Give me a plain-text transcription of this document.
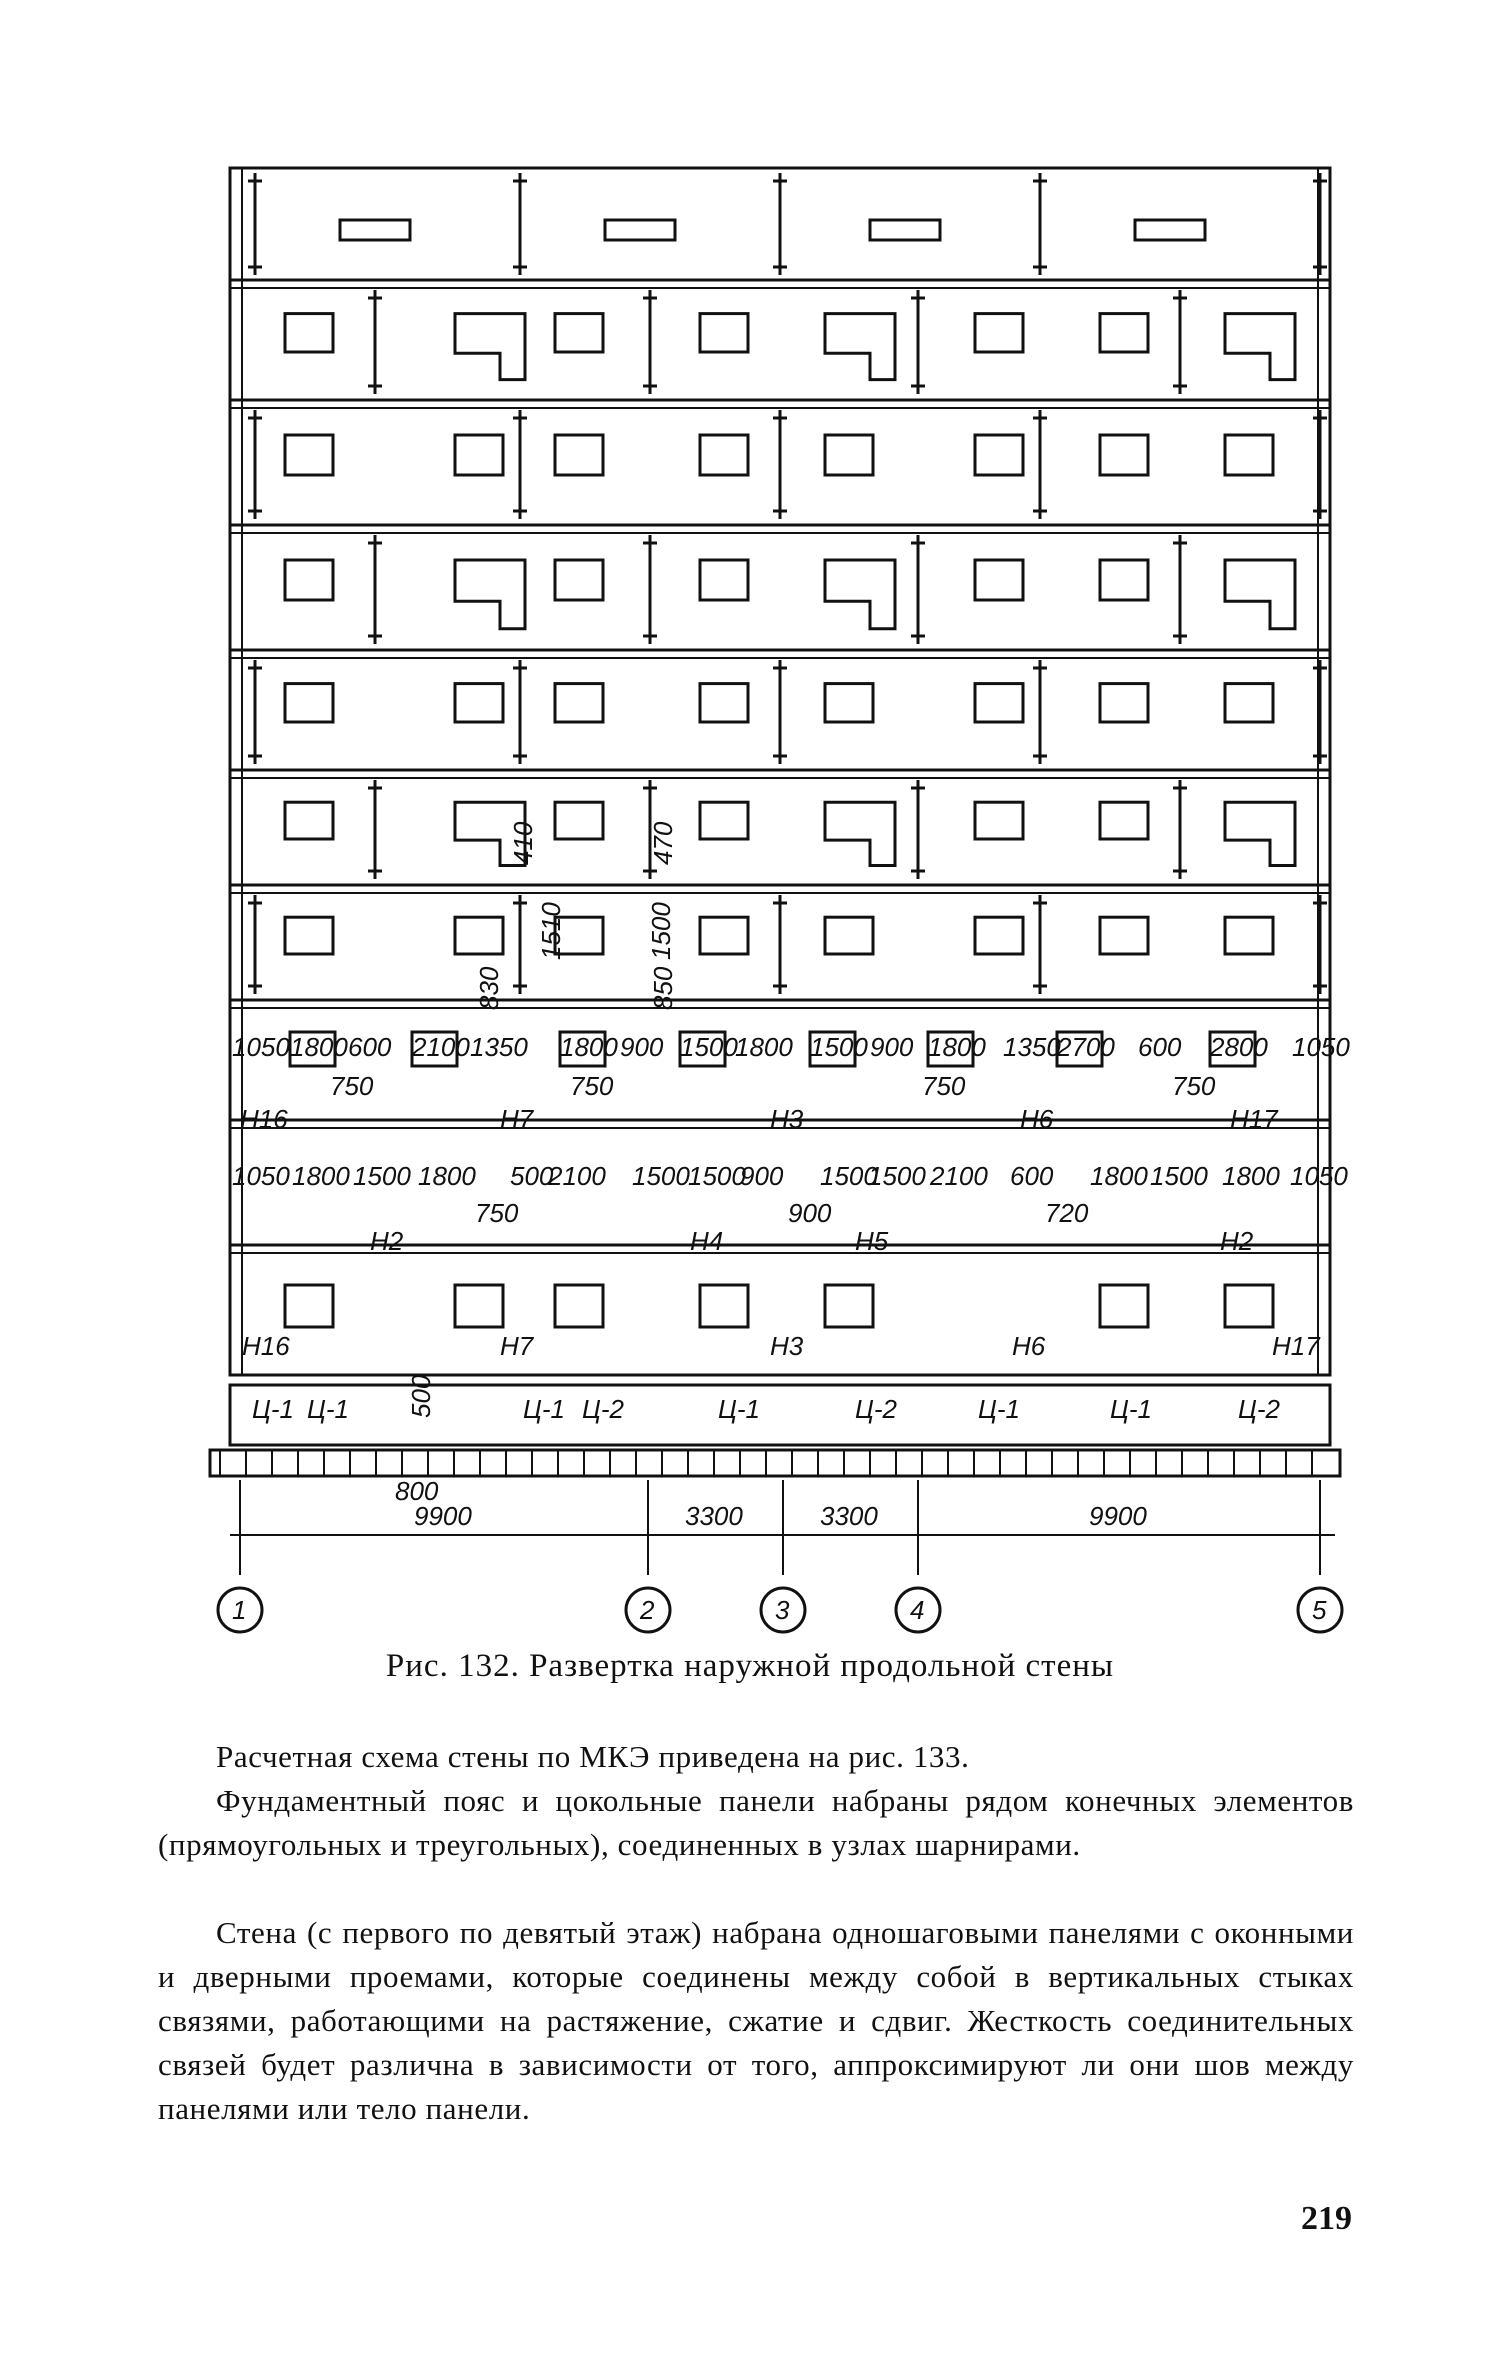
410	470
1510	1500
830	850
1050 1800 600 2100 1350 1800 900 1500
1800 1500 900 1800 1350
2700 600 2800 1050
750	750	750	750
Н16	Н7	Н3	Н6	Н17
1050 1800 1500 1800 500
2100 1500
1500
900 1500
1500 2100 600 1800 1500 1800 1050
750	900	720
Н2	Н4	Н5	Н2
Н16	Н7	Н3	Н6	Н17
Ц-1 Ц-1	Ц-1 Ц-2	Ц-1	Ц-2	Ц-1	Ц-1	Ц-2
500
800
9900	3300	3300	9900
1	2	3	4	5
Рис. 132. Развертка наружной продольной стены

Расчетная схема стены по МКЭ приведена на рис. 133.

Фундаментный пояс и цокольные панели набраны рядом конечных элементов (прямоугольных и треугольных), соединенных в узлах шарнирами.

Стена (с первого по девятый этаж) набрана одношаговыми панелями с оконными и дверными проемами, которые соединены между собой в вертикальных стыках связями, работающими на растяжение, сжатие и сдвиг. Жесткость соединительных связей будет различна в зависимости от того, аппроксимируют ли они шов между панелями или тело панели.

219
